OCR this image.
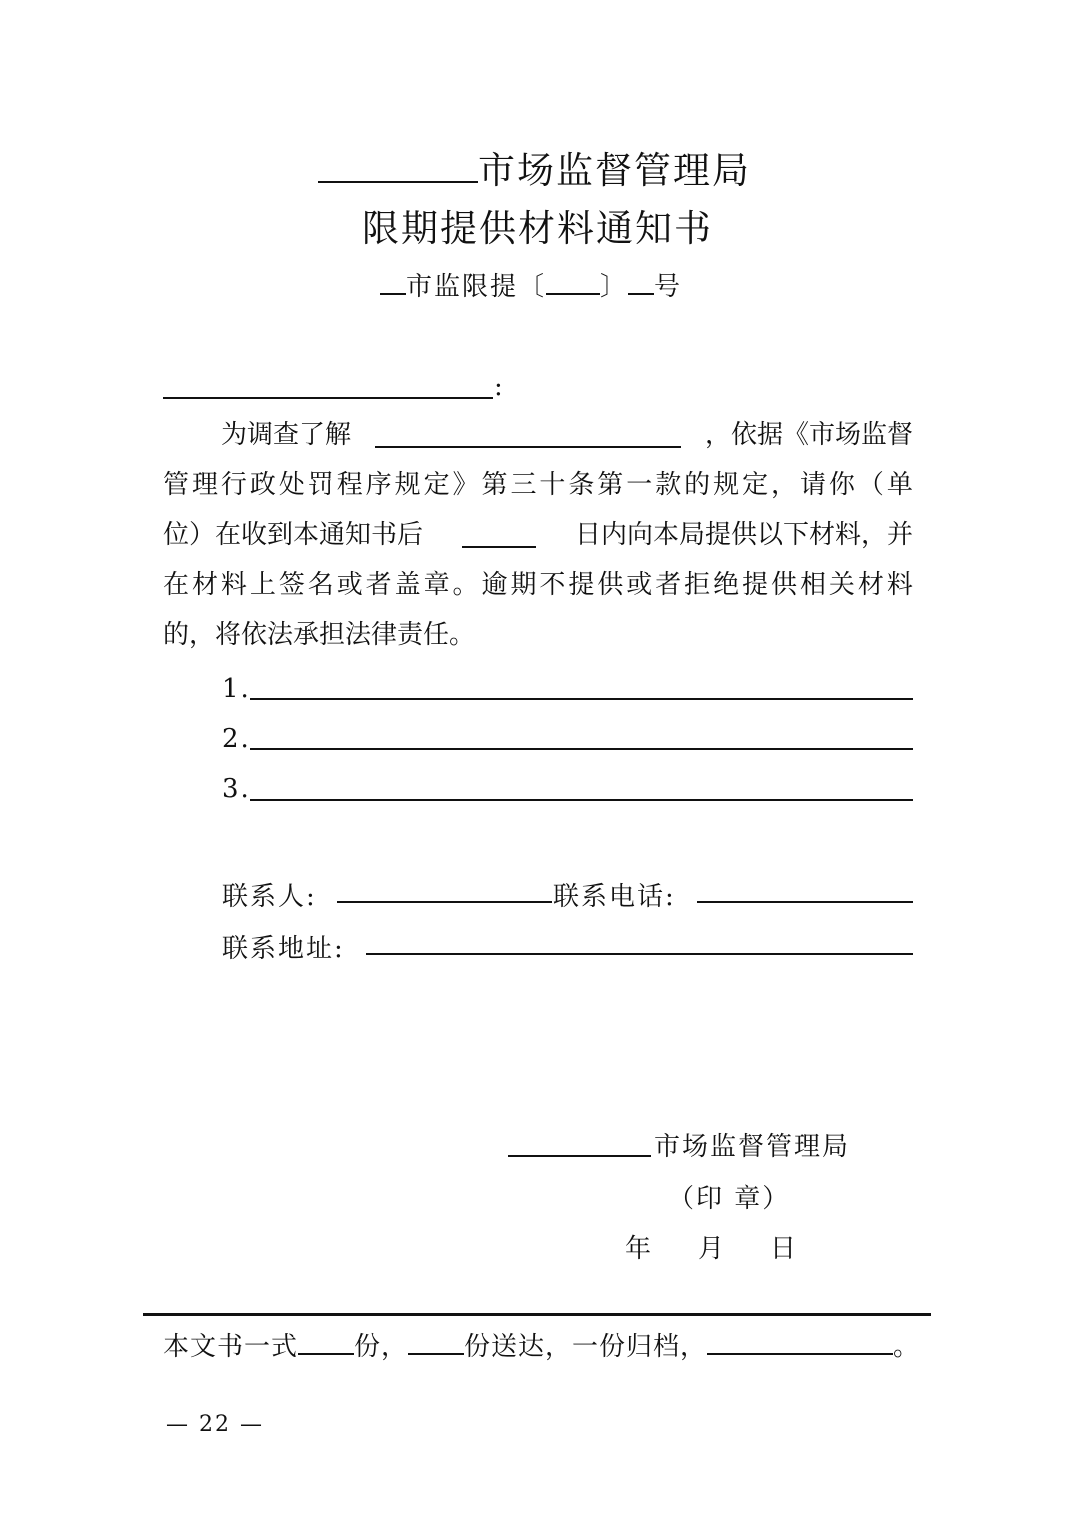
市场监督管理局
限期提供材料通知书
市监限提〔 〕 号
:
为调查了解	，依据《市场监督
管 理 行 政 处 罚 程 序 规 定 》 第 三 十 条 第 一 款 的 规 定 ， 请 你 （ 单
位）在收到本通知书后	日内向本局提供以下材料，并
在 材 料 上 签 名 或 者 盖 章 。 逾 期 不 提 供 或 者 拒 绝 提 供 相 关 材 料
的，将依法承担法律责任。
1.
2.
3.
联系人:	联系电话:
联系地址:
市场监督管理局
（印 章）
年 月 日
本文书一式 份， 份送达，一份归档，	。
— 22 —
